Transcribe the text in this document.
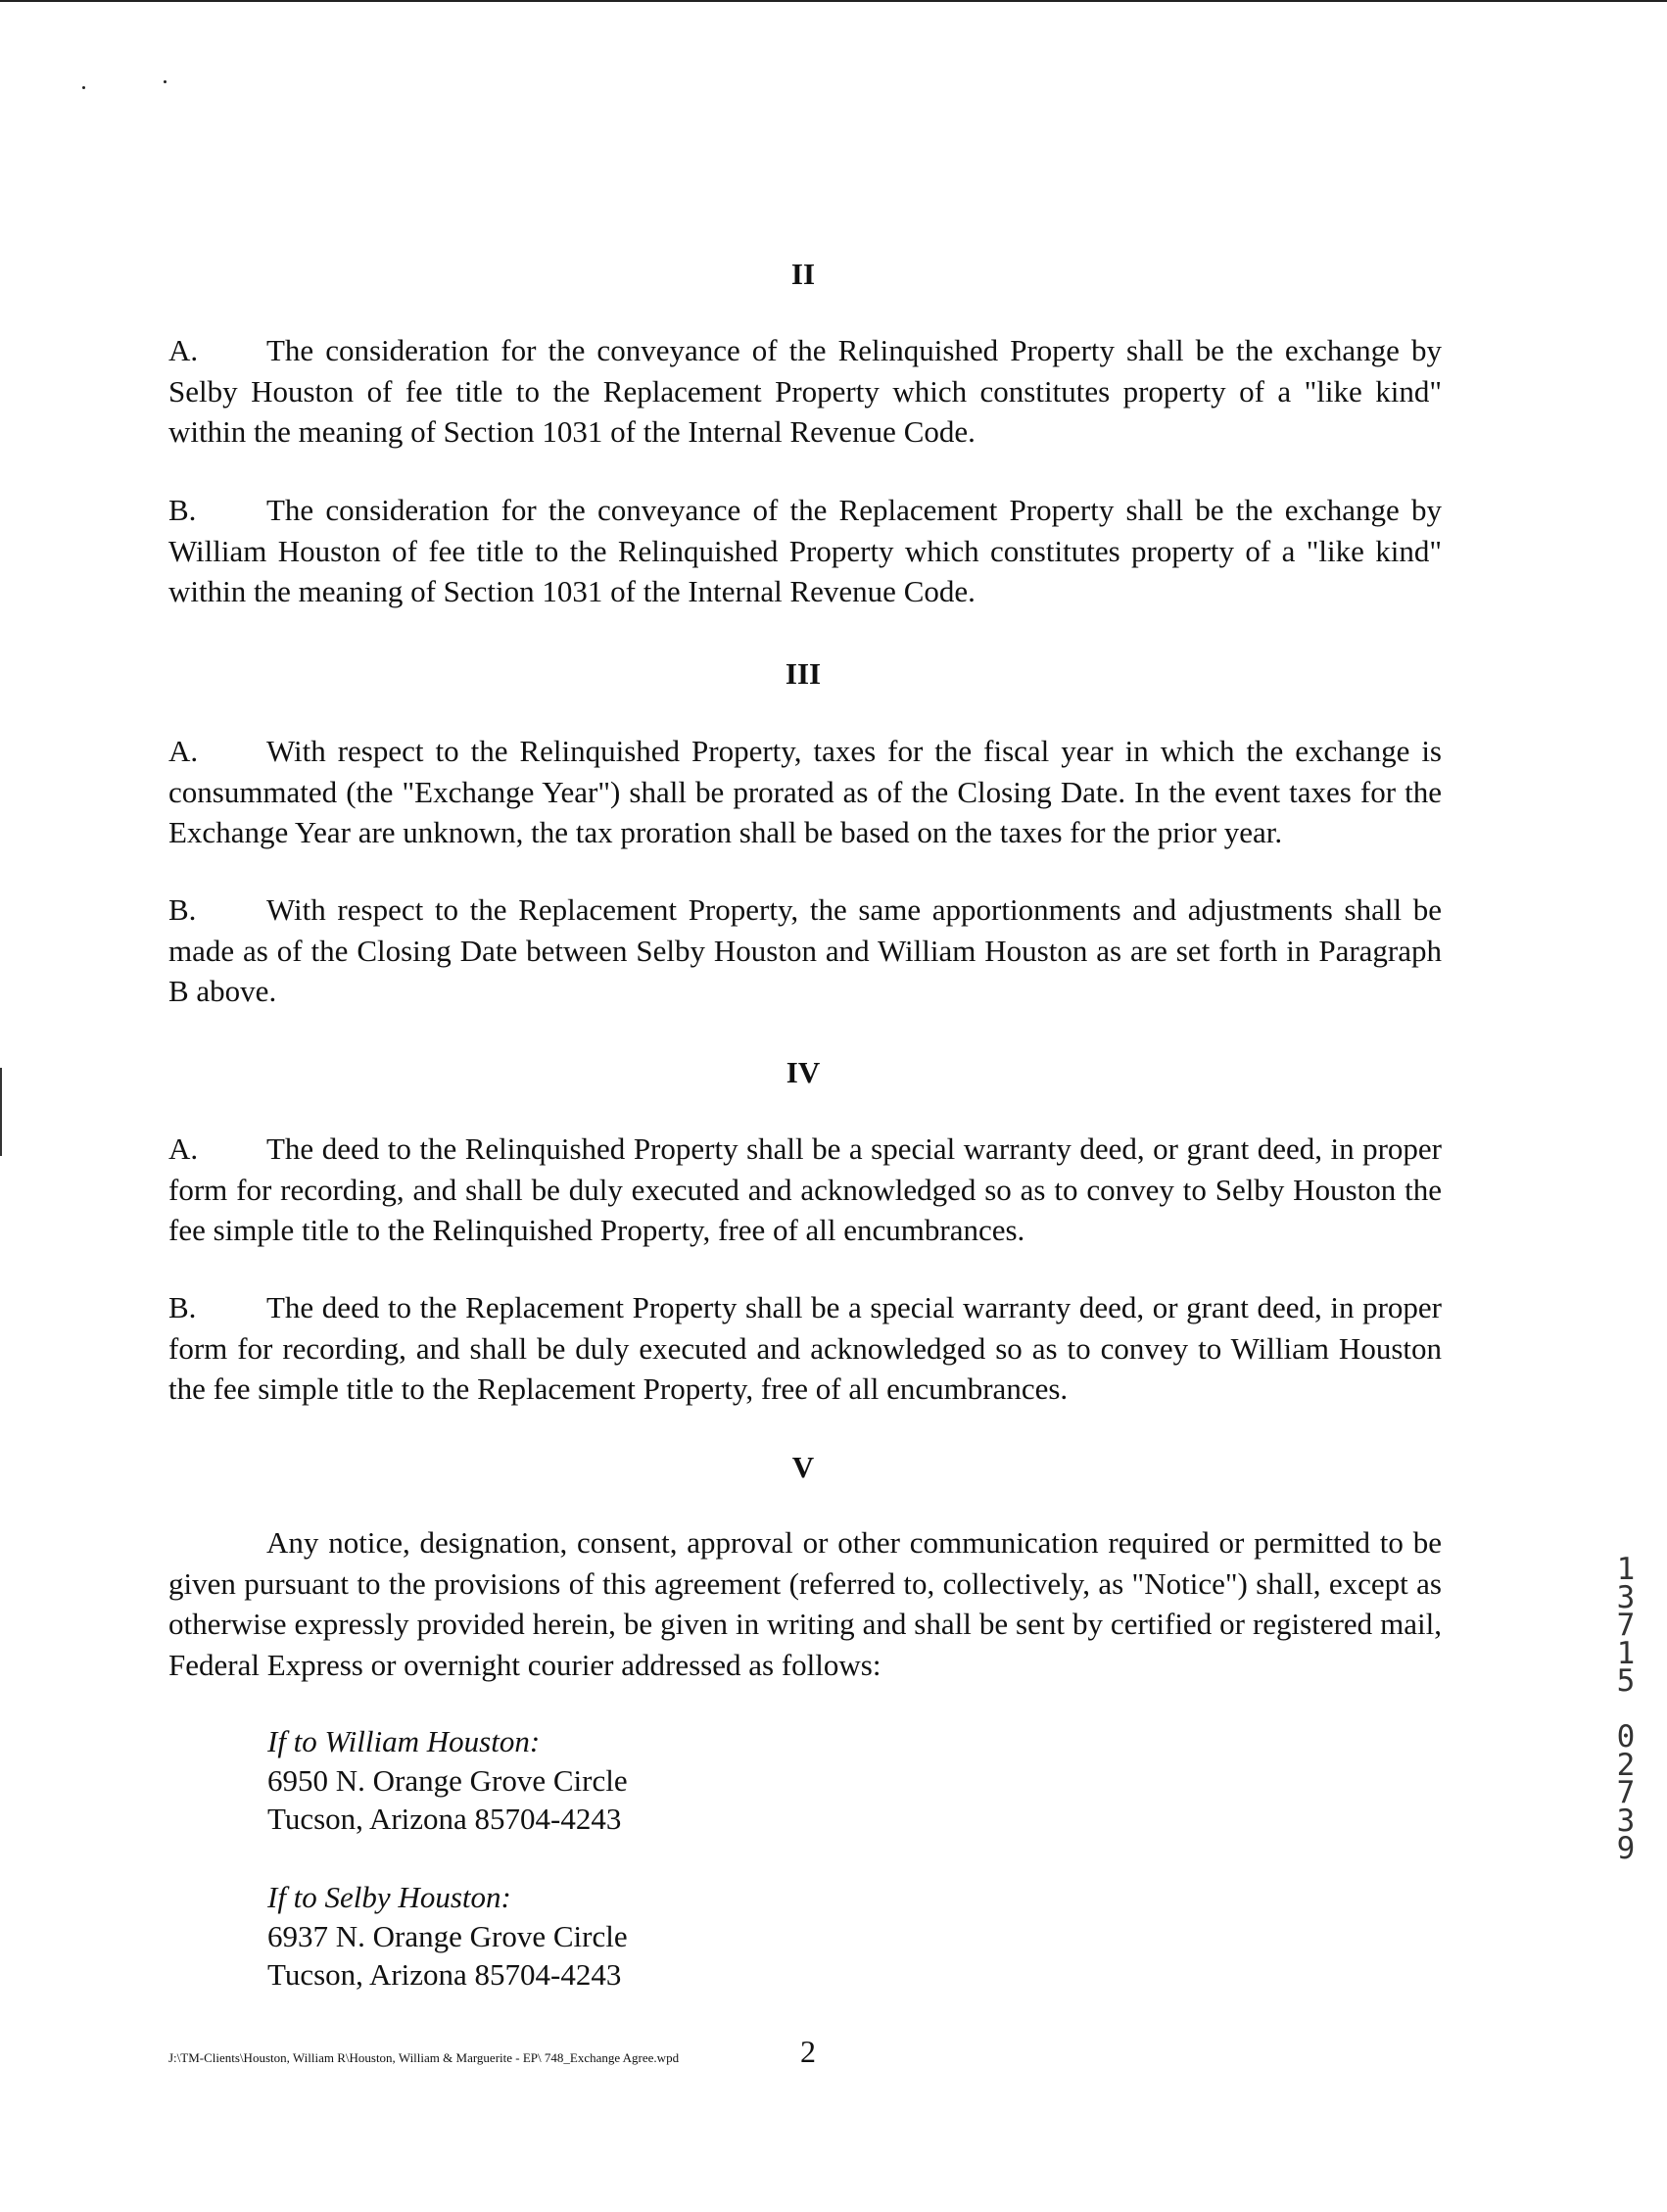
II

A. The consideration for the conveyance of the Relinquished Property shall be the exchange by Selby Houston of fee title to the Replacement Property which constitutes property of a "like kind" within the meaning of Section 1031 of the Internal Revenue Code.

B. The consideration for the conveyance of the Replacement Property shall be the exchange by William Houston of fee title to the Relinquished Property which constitutes property of a "like kind" within the meaning of Section 1031 of the Internal Revenue Code.

III

A. With respect to the Relinquished Property, taxes for the fiscal year in which the exchange is consummated (the "Exchange Year") shall be prorated as of the Closing Date. In the event taxes for the Exchange Year are unknown, the tax proration shall be based on the taxes for the prior year.

B. With respect to the Replacement Property, the same apportionments and adjustments shall be made as of the Closing Date between Selby Houston and William Houston as are set forth in Paragraph B above.

IV

A. The deed to the Relinquished Property shall be a special warranty deed, or grant deed, in proper form for recording, and shall be duly executed and acknowledged so as to convey to Selby Houston the fee simple title to the Relinquished Property, free of all encumbrances.

B. The deed to the Replacement Property shall be a special warranty deed, or grant deed, in proper form for recording, and shall be duly executed and acknowledged so as to convey to William Houston the fee simple title to the Replacement Property, free of all encumbrances.

V

Any notice, designation, consent, approval or other communication required or permitted to be given pursuant to the provisions of this agreement (referred to, collectively, as "Notice") shall, except as otherwise expressly provided herein, be given in writing and shall be sent by certified or registered mail, Federal Express or overnight courier addressed as follows:

If to William Houston:
6950 N. Orange Grove Circle
Tucson, Arizona 85704-4243
If to Selby Houston:
6937 N. Orange Grove Circle
Tucson, Arizona 85704-4243
J:\TM-Clients\Houston, William R\Houston, William & Marguerite - EP\ 748_Exchange Agree.wpd	2
1
3
7
1
5

0
2
7
3
9
